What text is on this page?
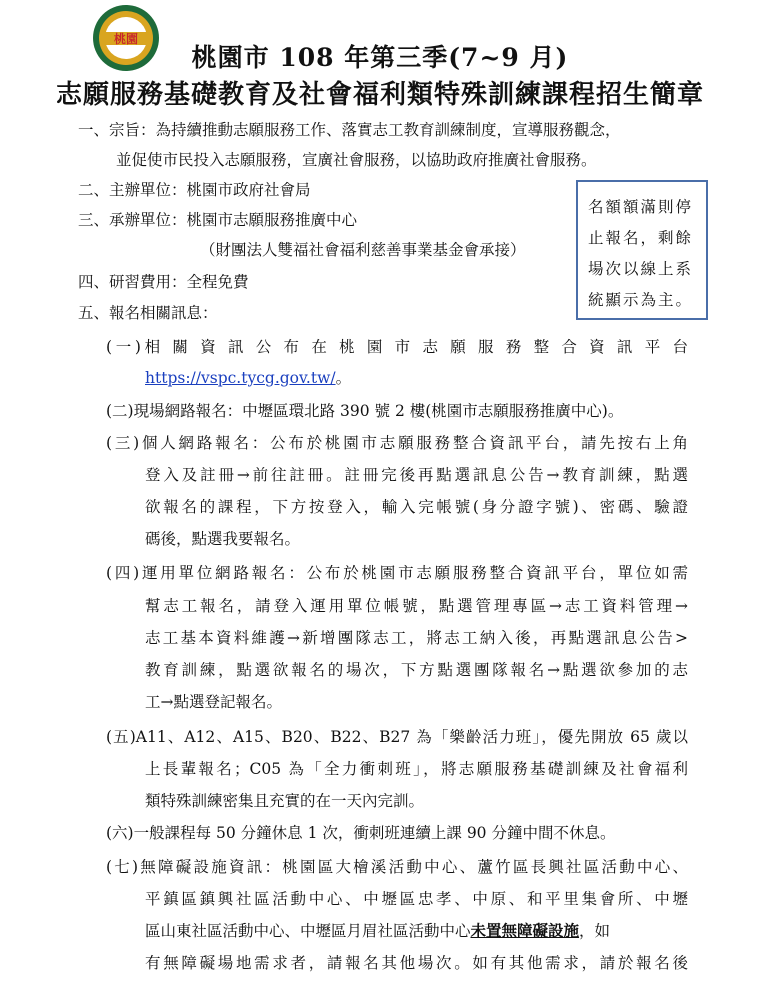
桃園
桃園市 108 年第三季(7~9 月)
志願服務基礎教育及社會福利類特殊訓練課程招生簡章
一、宗旨：為持續推動志願服務工作、落實志工教育訓練制度，宣導服務觀念，
並促使市民投入志願服務，宣廣社會服務，以協助政府推廣社會服務。
二、主辦單位：桃園市政府社會局
三、承辦單位：桃園市志願服務推廣中心
（財團法人雙福社會福利慈善事業基金會承接）
四、研習費用：全程免費
五、報名相關訊息：
名額額滿則停
止報名，剩餘
場次以線上系
統顯示為主。
(一)相 關 資 訊 公 布 在 桃 園 市 志 願 服 務 整 合 資 訊 平 台
https://vspc.tycg.gov.tw/。
(二)現場網路報名：中壢區環北路 390 號 2 樓(桃園市志願服務推廣中心)。
(三)個人網路報名：公布於桃園市志願服務整合資訊平台，請先按右上角
登入及註冊→前往註冊。註冊完後再點選訊息公告→教育訓練，點選
欲報名的課程，下方按登入，輸入完帳號(身分證字號)、密碼、驗證
碼後，點選我要報名。
(四)運用單位網路報名：公布於桃園市志願服務整合資訊平台，單位如需
幫志工報名，請登入運用單位帳號，點選管理專區→志工資料管理→
志工基本資料維護→新增團隊志工，將志工納入後，再點選訊息公告>
教育訓練，點選欲報名的場次，下方點選團隊報名→點選欲參加的志
工→點選登記報名。
(五)A11、A12、A15、B20、B22、B27 為「樂齡活力班」，優先開放 65 歲以
上長輩報名；C05 為「全力衝刺班」，將志願服務基礎訓練及社會福利
類特殊訓練密集且充實的在一天內完訓。
(六)一般課程每 50 分鐘休息 1 次，衝刺班連續上課 90 分鐘中間不休息。
(七)無障礙設施資訊：桃園區大檜溪活動中心、蘆竹區長興社區活動中心、
平鎮區鎮興社區活動中心、中壢區忠孝、中原、和平里集會所、中壢
區山東社區活動中心、中壢區月眉社區活動中心未置無障礙設施，如
有無障礙場地需求者，請報名其他場次。如有其他需求，請於報名後
